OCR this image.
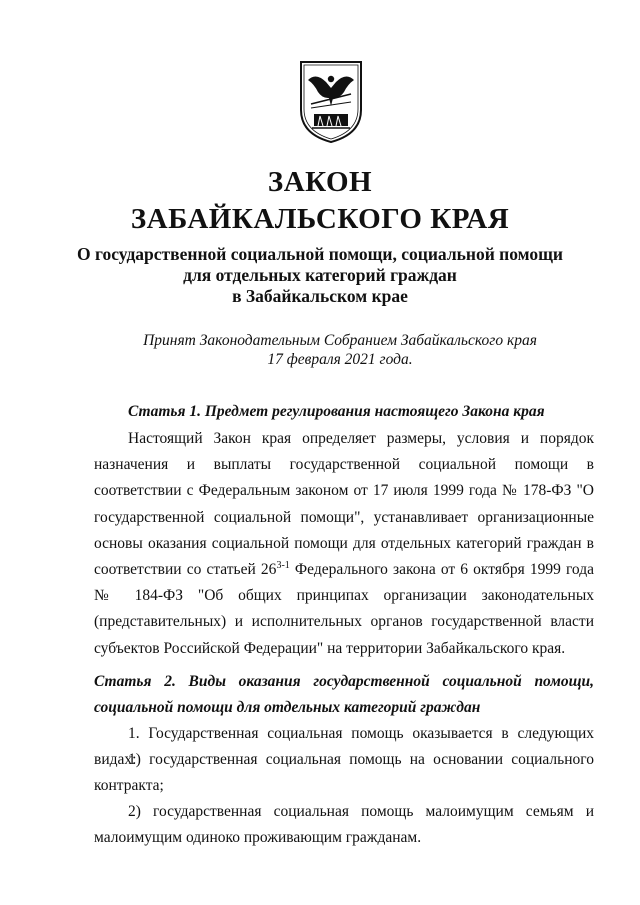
ЗАКОН
ЗАБАЙКАЛЬСКОГО КРАЯ
О государственной социальной помощи, социальной помощи
для отдельных категорий граждан
в Забайкальском крае
Принят Законодательным Собранием Забайкальского края
17 февраля 2021 года.
Статья 1. Предмет регулирования настоящего Закона края
Настоящий Закон края определяет размеры, условия и порядок назначения и выплаты государственной социальной помощи в соответствии с Федеральным законом от 17 июля 1999 года № 178-ФЗ "О государственной социальной помощи", устанавливает организационные основы оказания социальной помощи для отдельных категорий граждан в соответствии со статьей 26$^{3-1}$ Федерального закона от 6 октября 1999 года № 184-ФЗ "Об общих принципах организации законодательных (представительных) и исполнительных органов государственной власти субъектов Российской Федерации" на территории Забайкальского края.
Статья 2. Виды оказания государственной социальной помощи, социальной помощи для отдельных категорий граждан
1. Государственная социальная помощь оказывается в следующих видах:
1) государственная социальная помощь на основании социального контракта;
2) государственная социальная помощь малоимущим семьям и малоимущим одиноко проживающим гражданам.
